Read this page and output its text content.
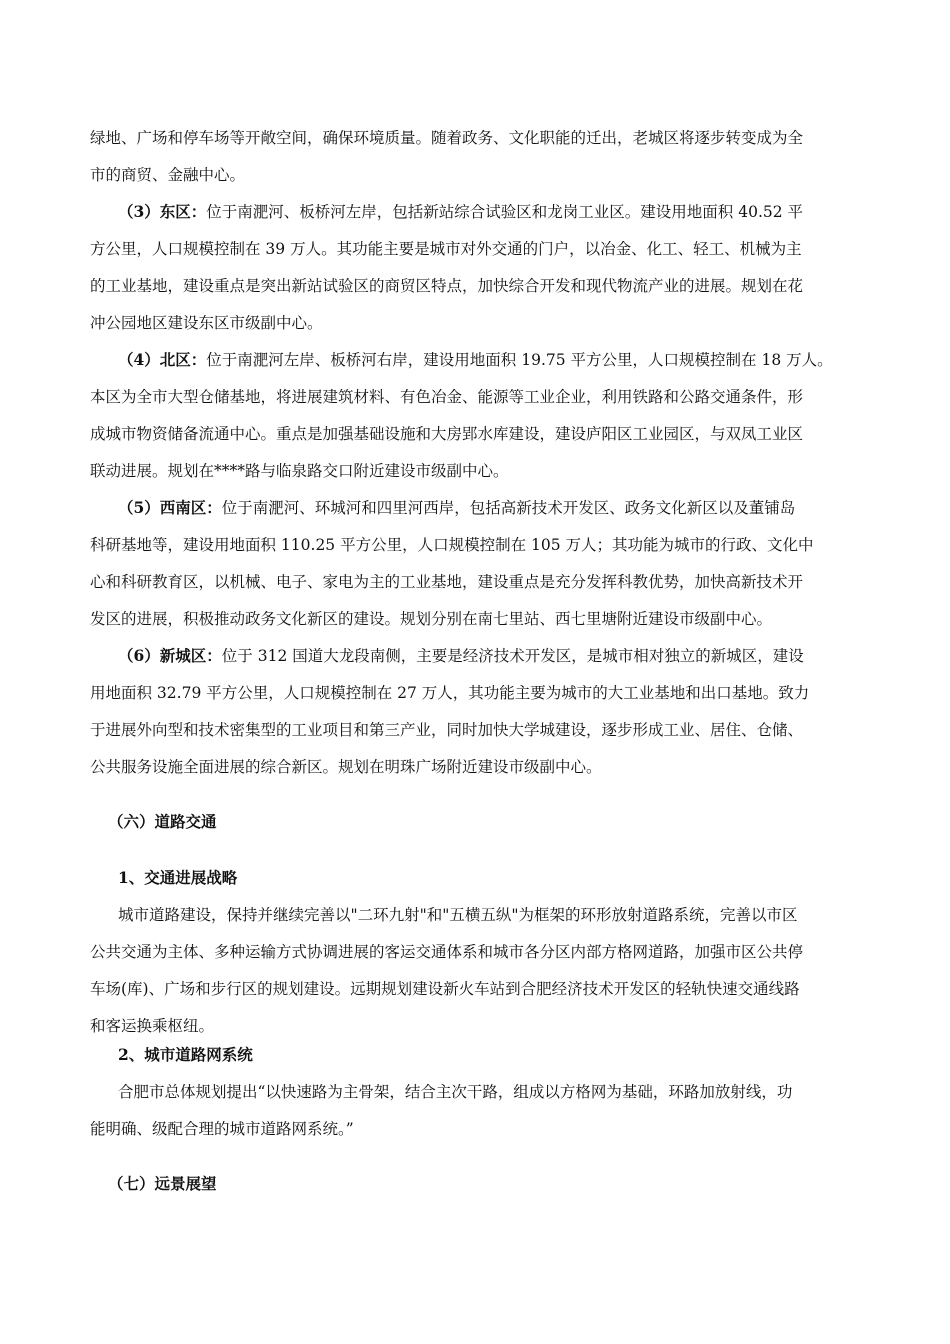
绿地、广场和停车场等开敞空间，确保环境质量。随着政务、文化职能的迁出，老城区将逐步转变成为全
市的商贸、金融中心。
（3）东区：位于南淝河、板桥河左岸，包括新站综合试验区和龙岗工业区。建设用地面积 40.52 平
方公里，人口规模控制在 39 万人。其功能主要是城市对外交通的门户，以冶金、化工、轻工、机械为主
的工业基地，建设重点是突出新站试验区的商贸区特点，加快综合开发和现代物流产业的进展。规划在花
冲公园地区建设东区市级副中心。
（4）北区：位于南淝河左岸、板桥河右岸，建设用地面积 19.75 平方公里，人口规模控制在 18 万人。
本区为全市大型仓储基地，将进展建筑材料、有色冶金、能源等工业企业，利用铁路和公路交通条件，形
成城市物资储备流通中心。重点是加强基础设施和大房郢水库建设，建设庐阳区工业园区，与双凤工业区
联动进展。规划在****路与临泉路交口附近建设市级副中心。
（5）西南区：位于南淝河、环城河和四里河西岸，包括高新技术开发区、政务文化新区以及董铺岛
科研基地等，建设用地面积 110.25 平方公里，人口规模控制在 105 万人；其功能为城市的行政、文化中
心和科研教育区，以机械、电子、家电为主的工业基地，建设重点是充分发挥科教优势，加快高新技术开
发区的进展，积极推动政务文化新区的建设。规划分别在南七里站、西七里塘附近建设市级副中心。
（6）新城区：位于 312 国道大龙段南侧，主要是经济技术开发区，是城市相对独立的新城区，建设
用地面积 32.79 平方公里，人口规模控制在 27 万人，其功能主要为城市的大工业基地和出口基地。致力
于进展外向型和技术密集型的工业项目和第三产业，同时加快大学城建设，逐步形成工业、居住、仓储、
公共服务设施全面进展的综合新区。规划在明珠广场附近建设市级副中心。
（六）道路交通
1、交通进展战略
城市道路建设，保持并继续完善以"二环九射"和"五横五纵"为框架的环形放射道路系统，完善以市区
公共交通为主体、多种运输方式协调进展的客运交通体系和城市各分区内部方格网道路，加强市区公共停
车场(库)、广场和步行区的规划建设。远期规划建设新火车站到合肥经济技术开发区的轻轨快速交通线路
和客运换乘枢纽。
2、城市道路网系统
合肥市总体规划提出“以快速路为主骨架，结合主次干路，组成以方格网为基础，环路加放射线，功
能明确、级配合理的城市道路网系统。”
（七）远景展望
